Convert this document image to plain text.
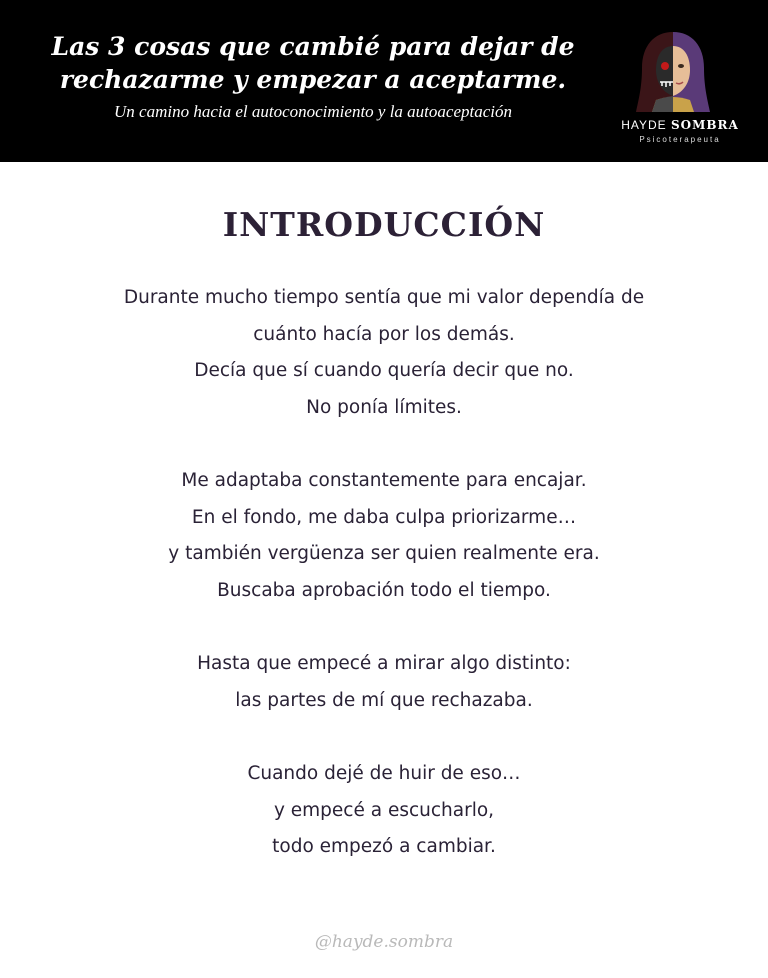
Las 3 cosas que cambié para dejar de
rechazarme y empezar a aceptarme.
Un camino hacia el autoconocimiento y la autoaceptación
HAYDE SOMBRA
Psicoterapeuta
INTRODUCCIÓN
Durante mucho tiempo sentía que mi valor dependía de
cuánto hacía por los demás.
Decía que sí cuando quería decir que no.
No ponía límites.
Me adaptaba constantemente para encajar.
En el fondo, me daba culpa priorizarme…
y también vergüenza ser quien realmente era.
Buscaba aprobación todo el tiempo.
Hasta que empecé a mirar algo distinto:
las partes de mí que rechazaba.
Cuando dejé de huir de eso…
y empecé a escucharlo,
todo empezó a cambiar.
@hayde.sombra
